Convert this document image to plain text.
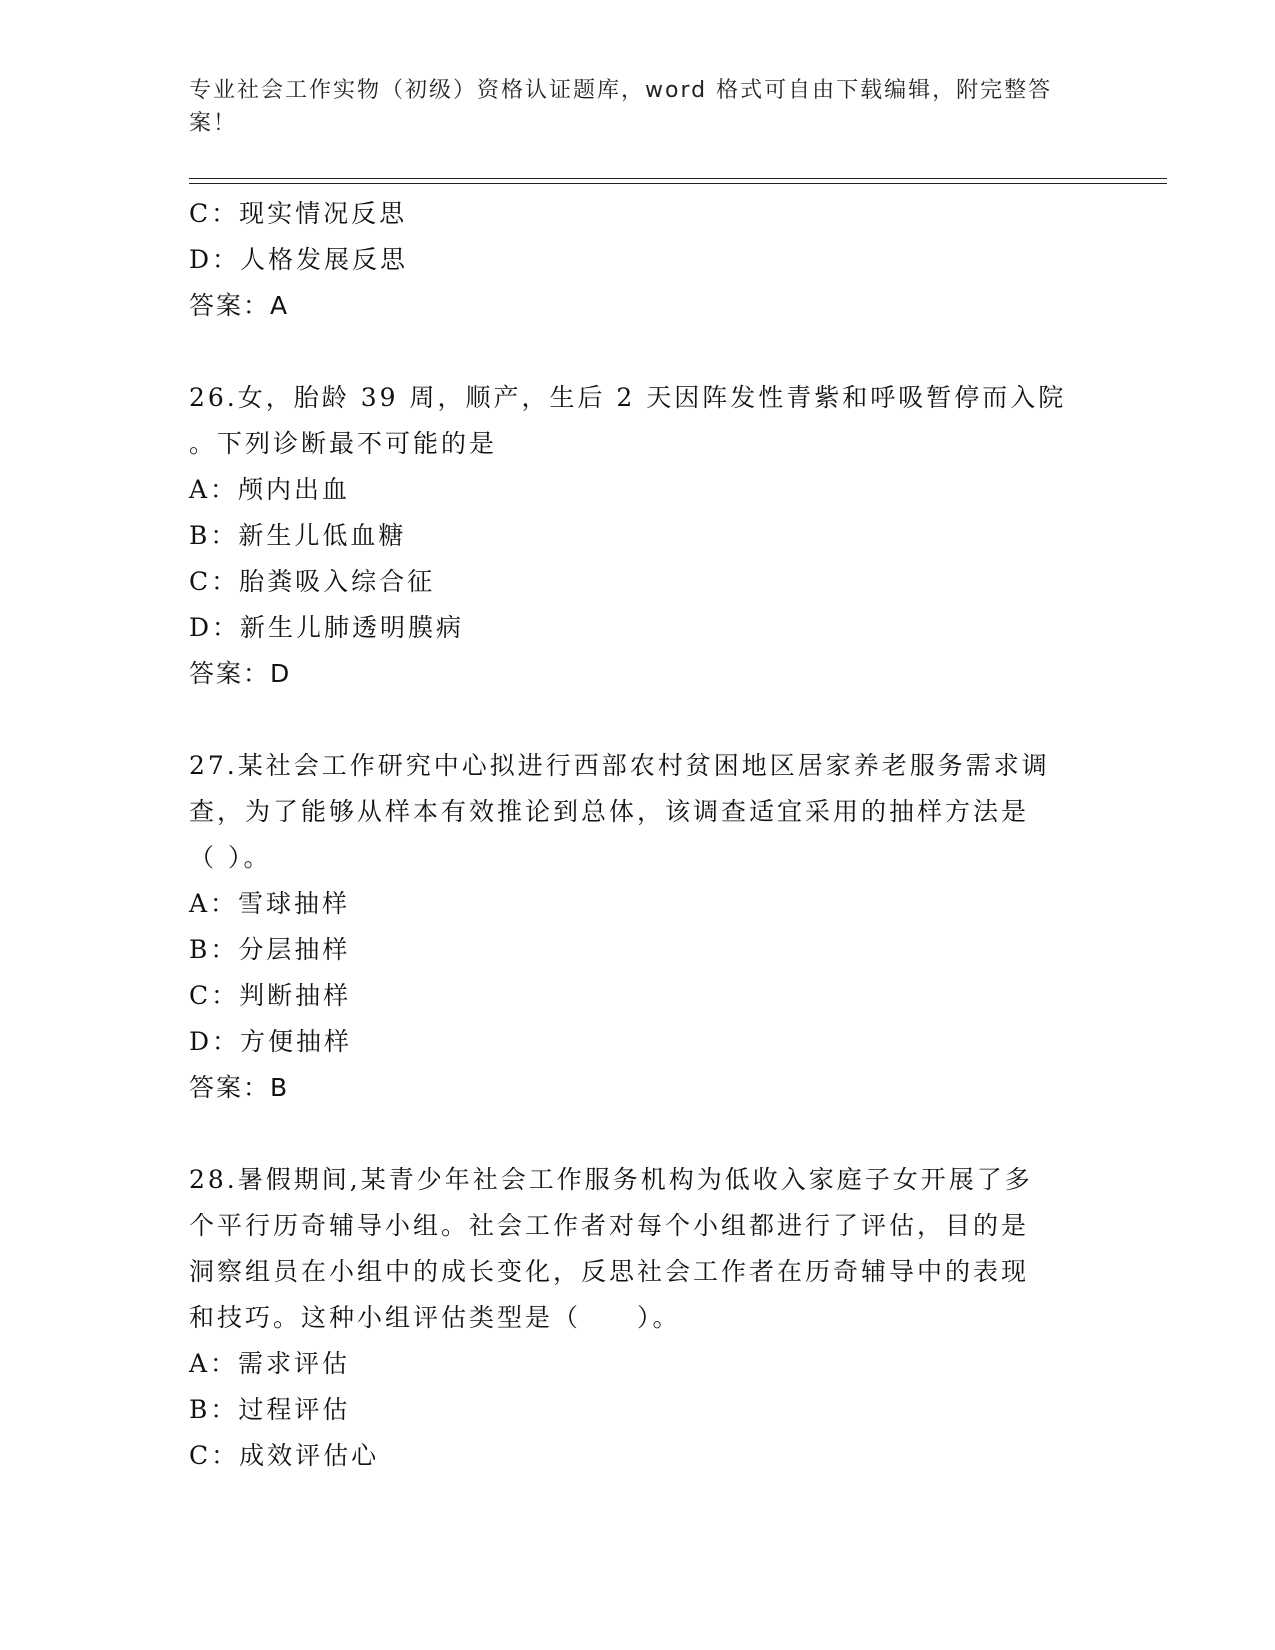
专业社会工作实物（初级）资格认证题库，word 格式可自由下载编辑，附完整答案！
C：现实情况反思
D：人格发展反思
答案：A
26.女，胎龄 39 周，顺产，生后 2 天因阵发性青紫和呼吸暂停而入院
。下列诊断最不可能的是
A：颅内出血
B：新生儿低血糖
C：胎粪吸入综合征
D：新生儿肺透明膜病
答案：D
27.某社会工作研究中心拟进行西部农村贫困地区居家养老服务需求调
查，为了能够从样本有效推论到总体，该调查适宜采用的抽样方法是
（ ）。
A：雪球抽样
B：分层抽样
C：判断抽样
D：方便抽样
答案：B
28.暑假期间,某青少年社会工作服务机构为低收入家庭子女开展了多
个平行历奇辅导小组。社会工作者对每个小组都进行了评估，目的是
洞察组员在小组中的成长变化，反思社会工作者在历奇辅导中的表现
和技巧。这种小组评估类型是（　　）。
A：需求评估
B：过程评估
C：成效评估心
